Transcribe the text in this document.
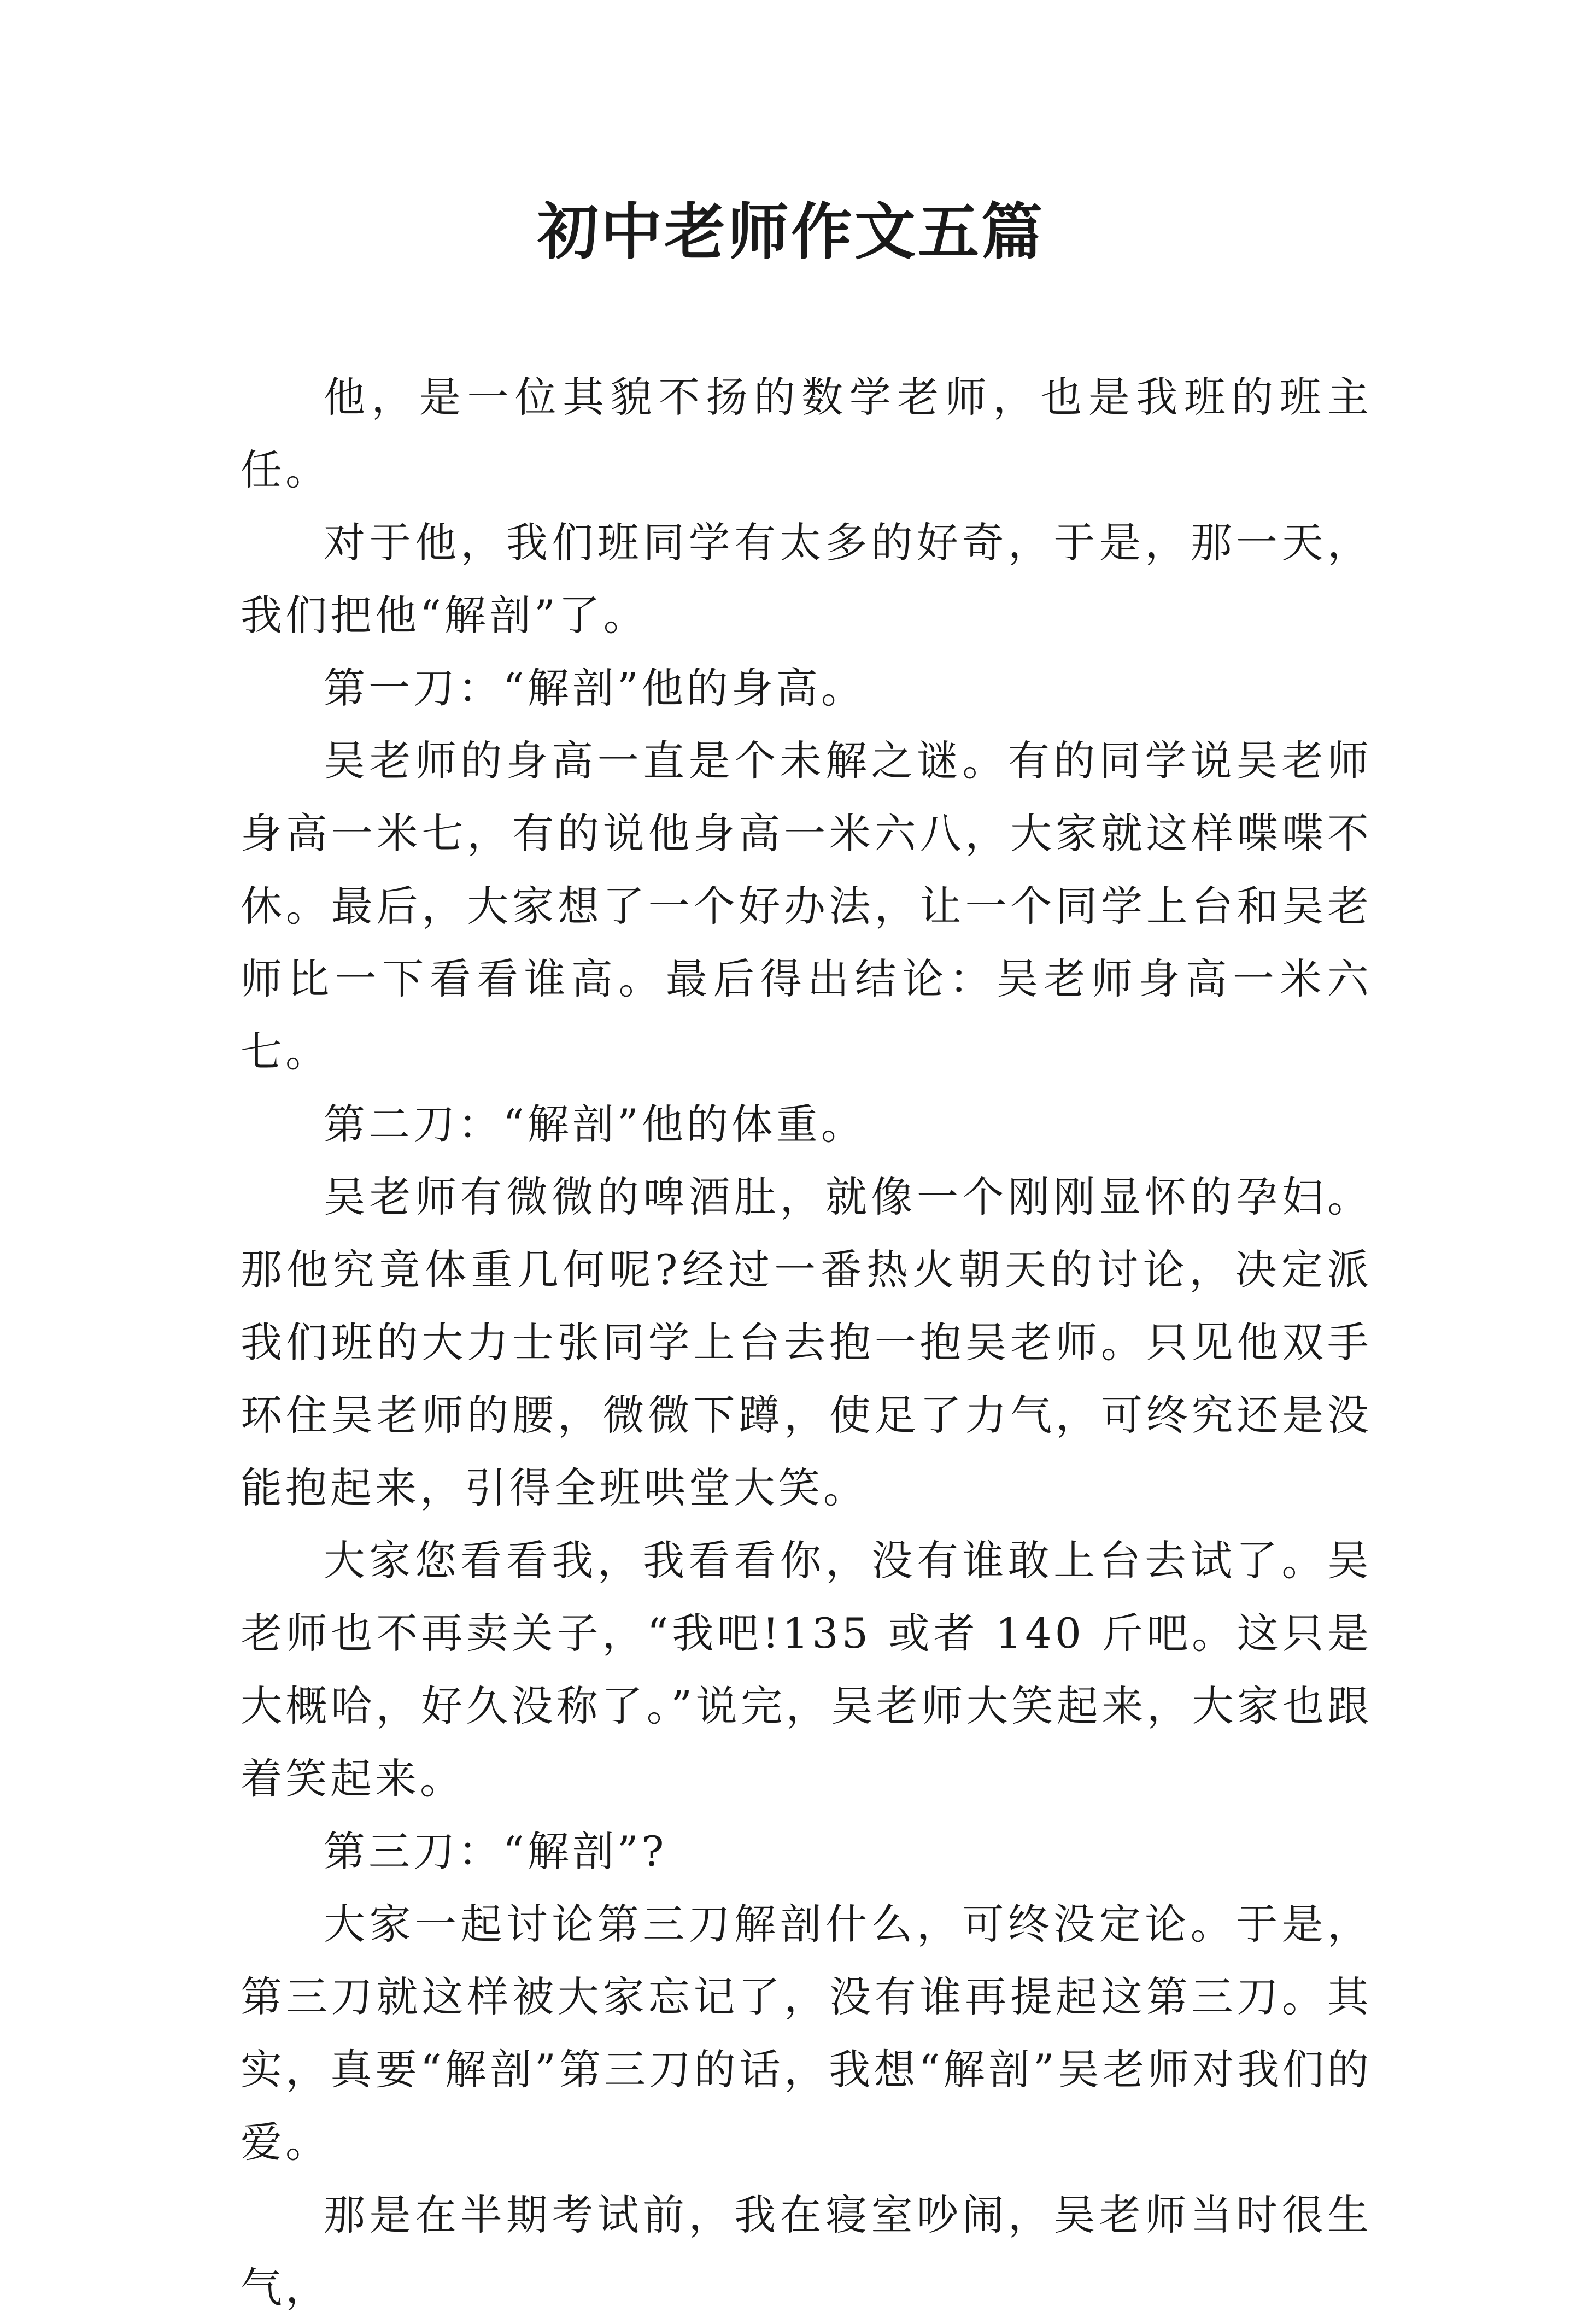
初中老师作文五篇

他，是一位其貌不扬的数学老师，也是我班的班主任。

对于他，我们班同学有太多的好奇，于是，那一天，我们把他“解剖”了。

第一刀：“解剖”他的身高。

吴老师的身高一直是个未解之谜。有的同学说吴老师身高一米七，有的说他身高一米六八，大家就这样喋喋不休。最后，大家想了一个好办法，让一个同学上台和吴老师比一下看看谁高。最后得出结论：吴老师身高一米六七。

第二刀：“解剖”他的体重。

吴老师有微微的啤酒肚，就像一个刚刚显怀的孕妇。那他究竟体重几何呢?经过一番热火朝天的讨论，决定派我们班的大力士张同学上台去抱一抱吴老师。只见他双手环住吴老师的腰，微微下蹲，使足了力气，可终究还是没能抱起来，引得全班哄堂大笑。

大家您看看我，我看看你，没有谁敢上台去试了。吴老师也不再卖关子，“我吧!135 或者 140 斤吧。这只是大概哈，好久没称了。”说完，吴老师大笑起来，大家也跟着笑起来。

第三刀：“解剖”?

大家一起讨论第三刀解剖什么，可终没定论。于是，第三刀就这样被大家忘记了，没有谁再提起这第三刀。其实，真要“解剖”第三刀的话，我想“解剖”吴老师对我们的爱。

那是在半期考试前，我在寝室吵闹，吴老师当时很生气，
